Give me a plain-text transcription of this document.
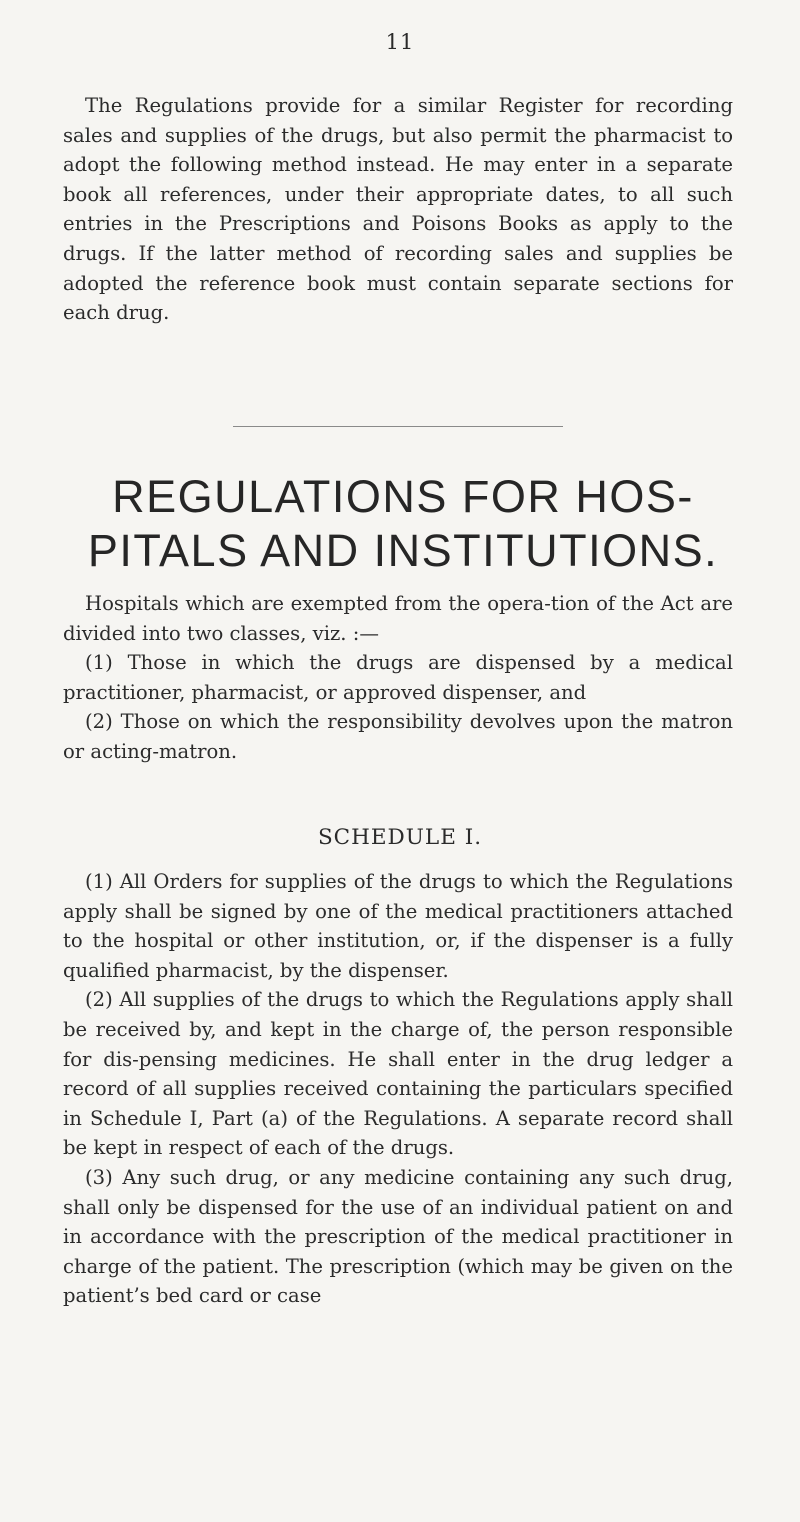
11

The Regulations provide for a similar Register for recording sales and supplies of the drugs, but also permit the pharmacist to adopt the following method instead. He may enter in a separate book all references, under their appropriate dates, to all such entries in the Prescriptions and Poisons Books as apply to the drugs. If the latter method of recording sales and supplies be adopted the reference book must contain separate sections for each drug.

REGULATIONS FOR HOS-PITALS AND INSTITUTIONS.

Hospitals which are exempted from the opera-tion of the Act are divided into two classes, viz. :—

(1) Those in which the drugs are dispensed by a medical practitioner, pharmacist, or approved dispenser, and

(2) Those on which the responsibility devolves upon the matron or acting-matron.

SCHEDULE I.

(1) All Orders for supplies of the drugs to which the Regulations apply shall be signed by one of the medical practitioners attached to the hospital or other institution, or, if the dispenser is a fully qualified pharmacist, by the dispenser.

(2) All supplies of the drugs to which the Regulations apply shall be received by, and kept in the charge of, the person responsible for dis-pensing medicines. He shall enter in the drug ledger a record of all supplies received containing the particulars specified in Schedule I, Part (a) of the Regulations. A separate record shall be kept in respect of each of the drugs.

(3) Any such drug, or any medicine containing any such drug, shall only be dispensed for the use of an individual patient on and in accordance with the prescription of the medical practitioner in charge of the patient. The prescription (which may be given on the patient’s bed card or case
